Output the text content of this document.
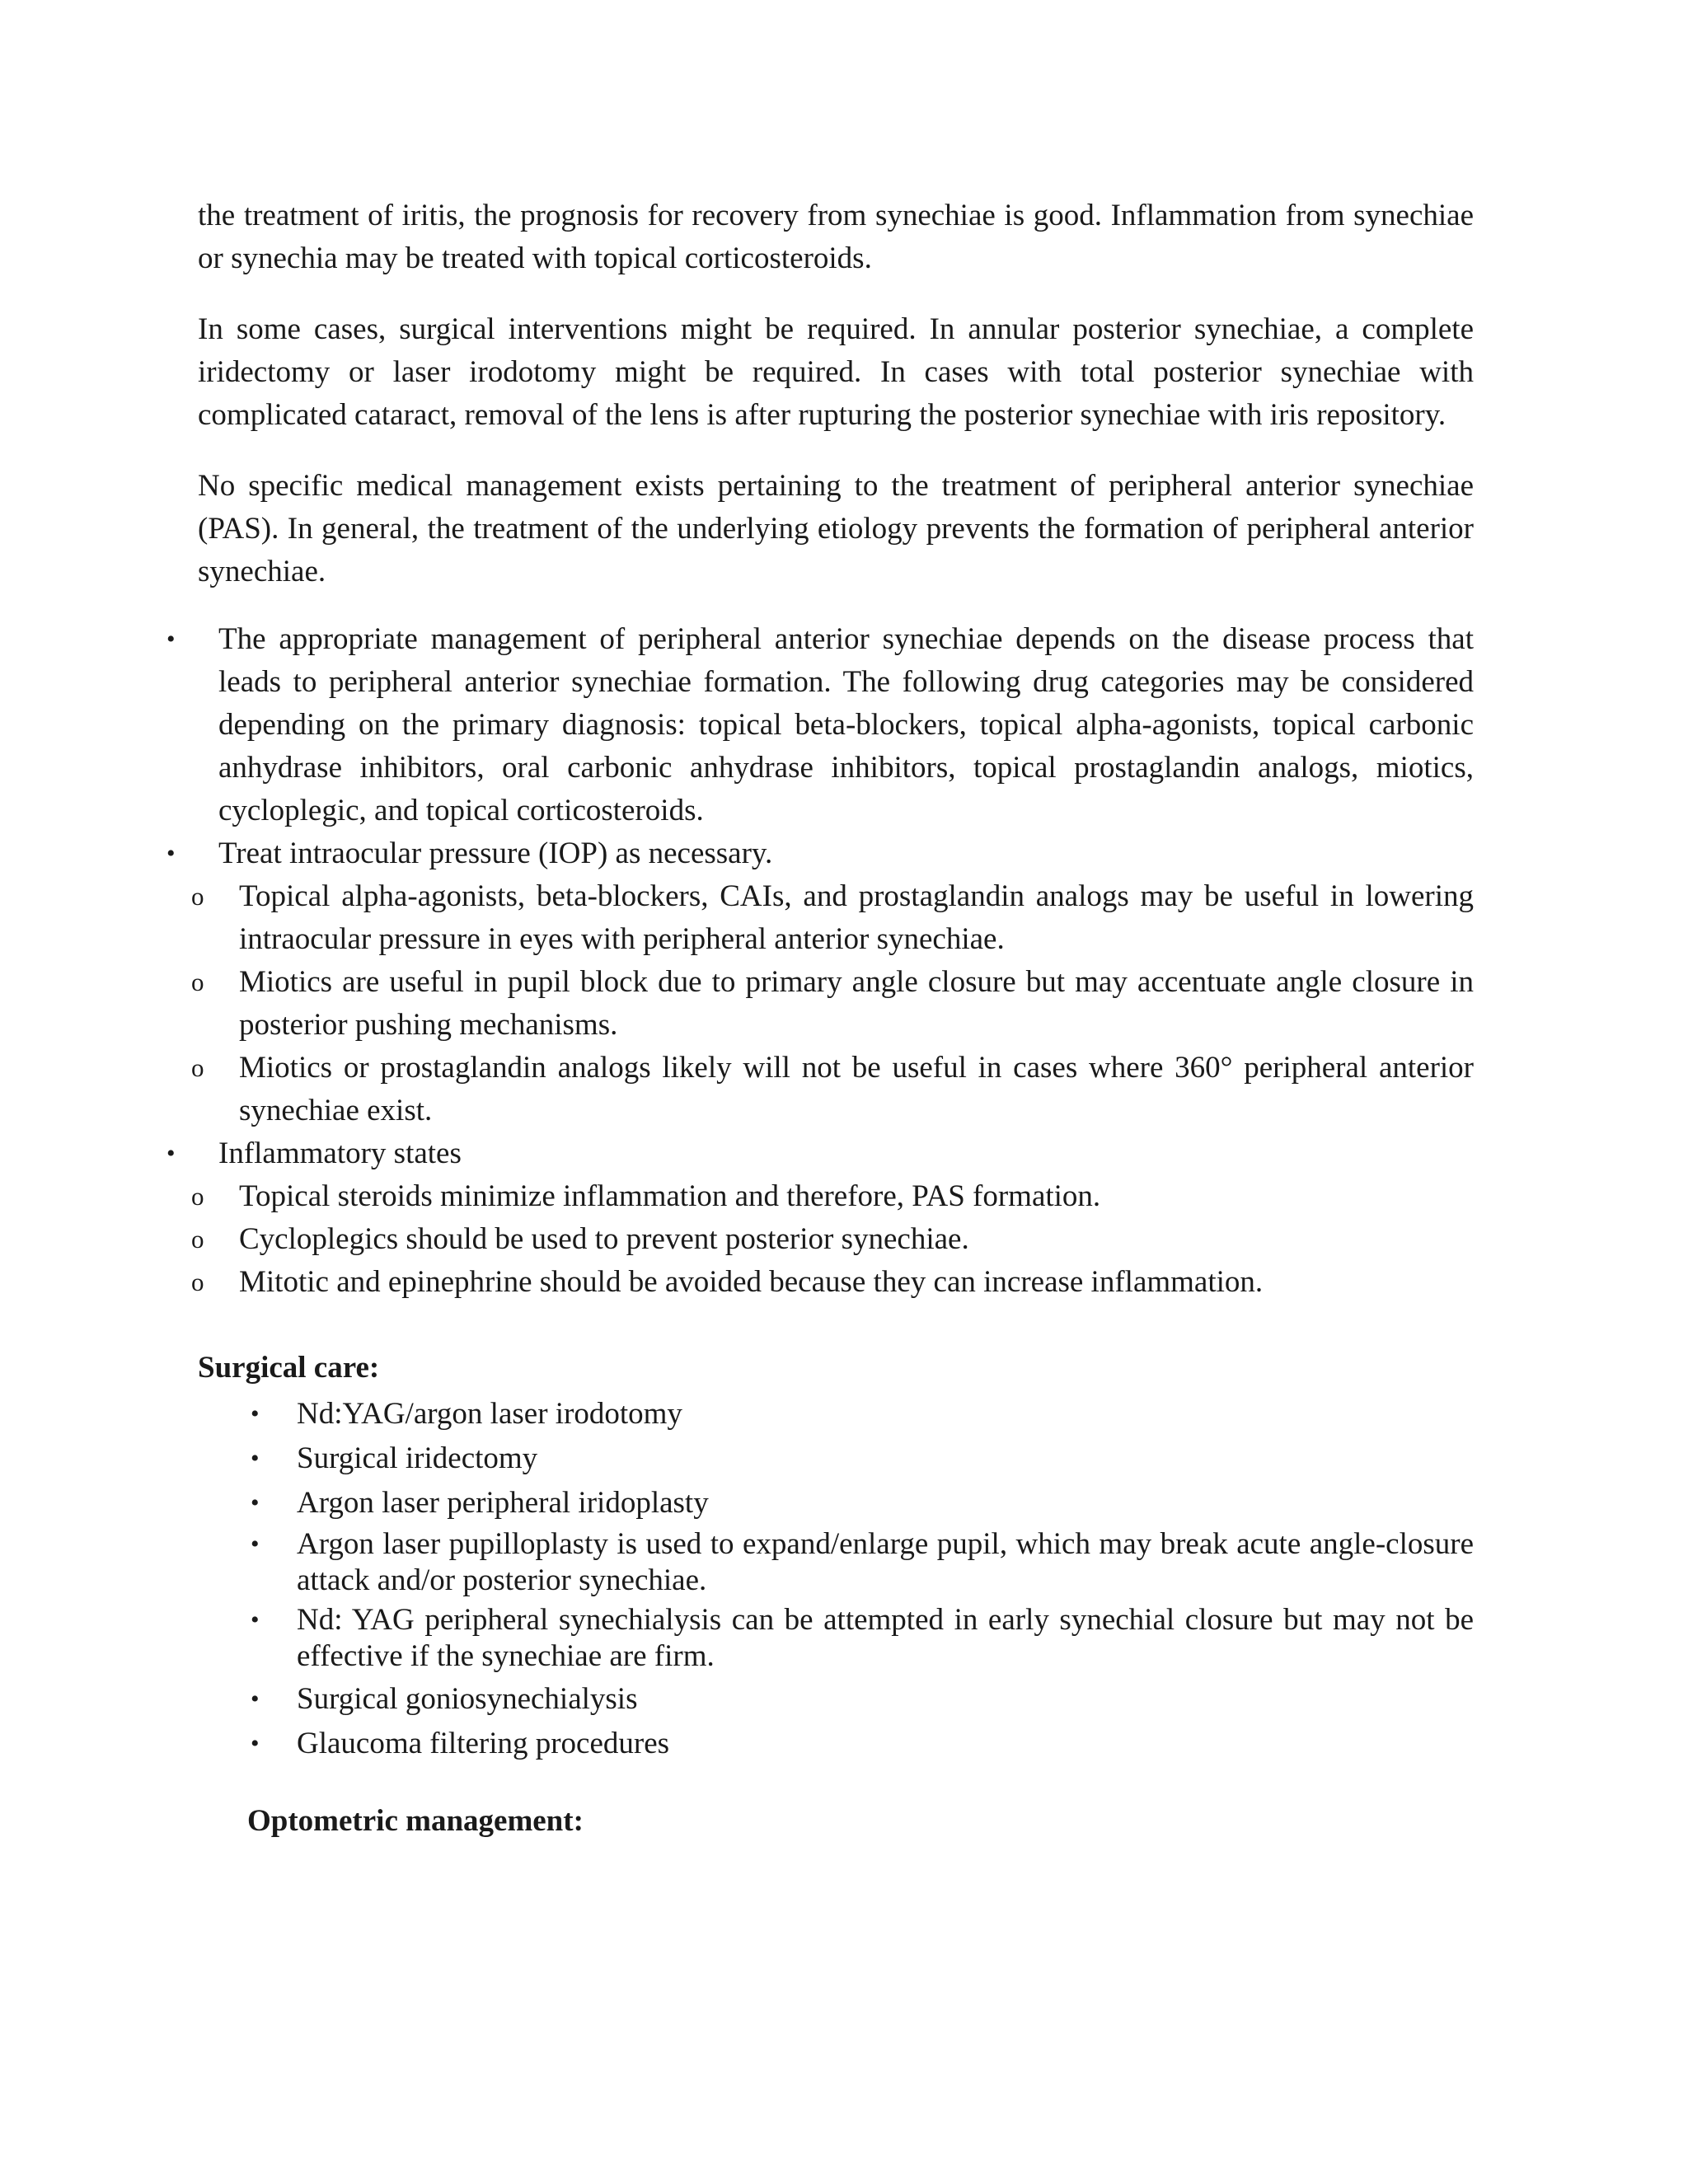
the treatment of iritis, the prognosis for recovery from synechiae is good. Inflammation from synechiae or synechia may be treated with topical corticosteroids.

In some cases, surgical interventions might be required. In annular posterior synechiae, a complete iridectomy or laser irodotomy might be required. In cases with total posterior synechiae with complicated cataract, removal of the lens is after rupturing the posterior synechiae with iris repository.

No specific medical management exists pertaining to the treatment of peripheral anterior synechiae (PAS). In general, the treatment of the underlying etiology prevents the formation of peripheral anterior synechiae.

• The appropriate management of peripheral anterior synechiae depends on the disease process that leads to peripheral anterior synechiae formation. The following drug categories may be considered depending on the primary diagnosis: topical beta-blockers, topical alpha-agonists, topical carbonic anhydrase inhibitors, oral carbonic anhydrase inhibitors, topical prostaglandin analogs, miotics, cycloplegic, and topical corticosteroids.
• Treat intraocular pressure (IOP) as necessary.
o Topical alpha-agonists, beta-blockers, CAIs, and prostaglandin analogs may be useful in lowering intraocular pressure in eyes with peripheral anterior synechiae.
o Miotics are useful in pupil block due to primary angle closure but may accentuate angle closure in posterior pushing mechanisms.
o Miotics or prostaglandin analogs likely will not be useful in cases where 360° peripheral anterior synechiae exist.
• Inflammatory states
o Topical steroids minimize inflammation and therefore, PAS formation.
o Cycloplegics should be used to prevent posterior synechiae.
o Mitotic and epinephrine should be avoided because they can increase inflammation.

Surgical care:

• Nd:YAG/argon laser irodotomy
• Surgical iridectomy
• Argon laser peripheral iridoplasty
• Argon laser pupilloplasty is used to expand/enlarge pupil, which may break acute angle-closure attack and/or posterior synechiae.
• Nd: YAG peripheral synechialysis can be attempted in early synechial closure but may not be effective if the synechiae are firm.
• Surgical goniosynechialysis
• Glaucoma filtering procedures

Optometric management:
